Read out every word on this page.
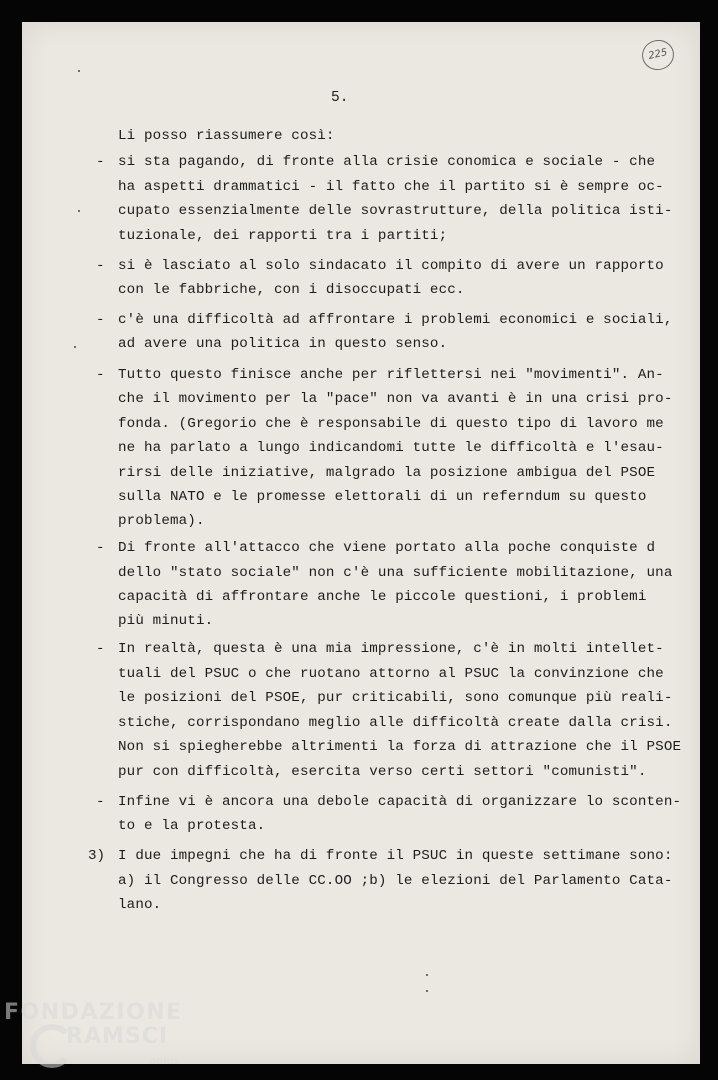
225
5.
-
-
-
-
-
-
-
3)
Li posso riassumere così:
si sta pagando, di fronte alla crisie conomica e sociale - che
ha aspetti drammatici - il fatto che il partito si è sempre oc-
cupato essenzialmente delle sovrastrutture, della politica isti-
tuzionale, dei rapporti tra i partiti;
si è lasciato al solo sindacato il compito di avere un rapporto
con le fabbriche, con i disoccupati ecc.
c'è una difficoltà ad affrontare i problemi economici e sociali,
ad avere una politica in questo senso.
Tutto questo finisce anche per riflettersi nei "movimenti". An-
che il movimento per la "pace" non va avanti è in una crisi pro-
fonda. (Gregorio che è responsabile di questo tipo di lavoro me
ne ha parlato a lungo indicandomi tutte le difficoltà e l'esau-
rirsi delle iniziative, malgrado la posizione ambigua del PSOE
sulla NATO e le promesse elettorali di un referndum su questo
problema).
Di fronte all'attacco che viene portato alla poche conquiste d
dello "stato sociale" non c'è una sufficiente mobilitazione, una
capacità di affrontare anche le piccole questioni, i problemi
più minuti.
In realtà, questa è una mia impressione, c'è in molti intellet-
tuali del PSUC o che ruotano attorno al PSUC la convinzione che
le posizioni del PSOE, pur criticabili, sono comunque più reali-
stiche, corrispondano meglio alle difficoltà create dalla crisi.
Non si spiegherebbe altrimenti la forza di attrazione che il PSOE
pur con difficoltà, esercita verso certi settori "comunisti".
Infine vi è ancora una debole capacità di organizzare lo sconten-
to e la protesta.
I due impegni che ha di fronte il PSUC in queste settimane sono:
a) il Congresso delle CC.OO ;b) le elezioni del Parlamento Cata-
lano.
FONDAZIONE
RAMSCI
onlus
